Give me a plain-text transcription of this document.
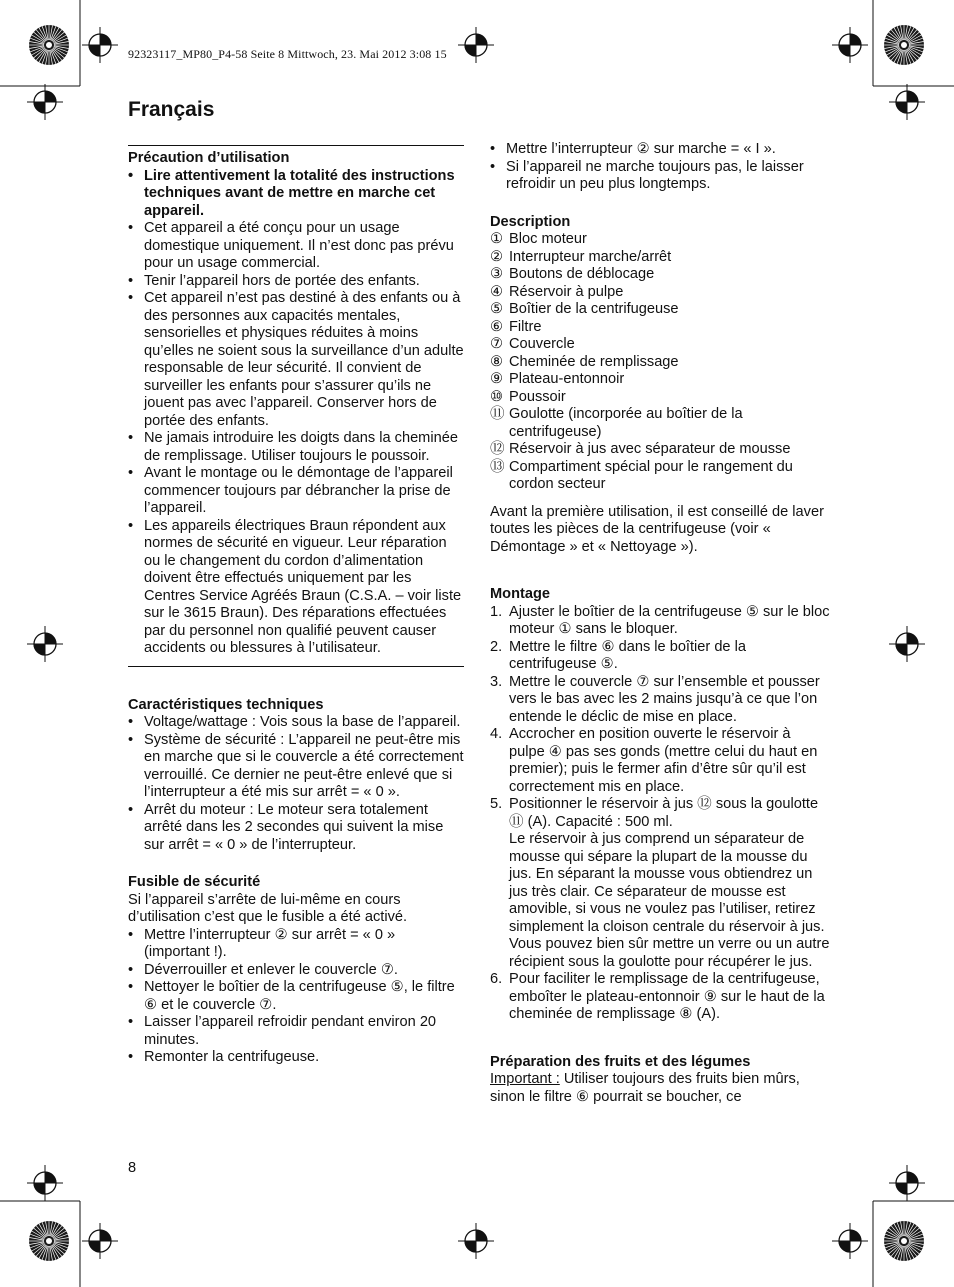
92323117_MP80_P4-58 Seite 8 Mittwoch, 23. Mai 2012 3:08 15
Français
Précaution d’utilisation
• Lire attentivement la totalité des instructions techniques avant de mettre en marche cet appareil.
• Cet appareil a été conçu pour un usage domestique uniquement. Il n’est donc pas prévu pour un usage commercial.
• Tenir l’appareil hors de portée des enfants.
• Cet appareil n’est pas destiné à des enfants ou à des personnes aux capacités mentales, sensorielles et physiques réduites à moins qu’elles ne soient sous la surveillance d’un adulte responsable de leur sécurité. Il convient de surveiller les enfants pour s’assurer qu’ils ne jouent pas avec l’appareil. Conserver hors de portée des enfants.
• Ne jamais introduire les doigts dans la cheminée de remplissage. Utiliser toujours le poussoir.
• Avant le montage ou le démontage de l’appareil commencer toujours par débrancher la prise de l’appareil.
• Les appareils électriques Braun répondent aux normes de sécurité en vigueur. Leur réparation ou le changement du cordon d’alimentation doivent être effectués uniquement par les Centres Service Agréés Braun (C.S.A. – voir liste sur le 3615 Braun). Des réparations effectuées par du personnel non qualifié peuvent causer accidents ou blessures à l’utilisateur.
Caractéristiques techniques
• Voltage/wattage : Vois sous la base de l’appareil.
• Système de sécurité : L’appareil ne peut-être mis en marche que si le couvercle a été correctement verrouillé. Ce dernier ne peut-être enlevé que si l’interrupteur a été mis sur arrêt = « 0 ».
• Arrêt du moteur : Le moteur sera totalement arrêté dans les 2 secondes qui suivent la mise sur arrêt = « 0 » de l’interrupteur.
Fusible de sécurité
Si l’appareil s’arrête de lui-même en cours d’utilisation c’est que le fusible a été activé.
• Mettre l’interrupteur ② sur arrêt = « 0 » (important !).
• Déverrouiller et enlever le couvercle ⑦.
• Nettoyer le boîtier de la centrifugeuse ⑤, le filtre ⑥ et le couvercle ⑦.
• Laisser l’appareil refroidir pendant environ 20 minutes.
• Remonter la centrifugeuse.
• Mettre l’interrupteur ② sur marche = « I ».
• Si l’appareil ne marche toujours pas, le laisser refroidir un peu plus longtemps.
Description
① Bloc moteur
② Interrupteur marche/arrêt
③ Boutons de déblocage
④ Réservoir à pulpe
⑤ Boîtier de la centrifugeuse
⑥ Filtre
⑦ Couvercle
⑧ Cheminée de remplissage
⑨ Plateau-entonnoir
⑩ Poussoir
⑪ Goulotte (incorporée au boîtier de la centrifugeuse)
⑫ Réservoir à jus avec séparateur de mousse
⑬ Compartiment spécial pour le rangement du cordon secteur
Avant la première utilisation, il est conseillé de laver toutes les pièces de la centrifugeuse (voir « Démontage » et « Nettoyage »).
Montage
1. Ajuster le boîtier de la centrifugeuse ⑤ sur le bloc moteur ① sans le bloquer.
2. Mettre le filtre ⑥ dans le boîtier de la centrifugeuse ⑤.
3. Mettre le couvercle ⑦ sur l’ensemble et pousser vers le bas avec les 2 mains jusqu’à ce que l’on entende le déclic de mise en place.
4. Accrocher en position ouverte le réservoir à pulpe ④ pas ses gonds (mettre celui du haut en premier); puis le fermer afin d’être sûr qu’il est correctement mis en place.
5. Positionner le réservoir à jus ⑫ sous la goulotte ⑪ (A). Capacité : 500 ml.
Le réservoir à jus comprend un séparateur de mousse qui sépare la plupart de la mousse du jus. En séparant la mousse vous obtiendrez un jus très clair. Ce séparateur de mousse est amovible, si vous ne voulez pas l’utiliser, retirez simplement la cloison centrale du réservoir à jus. Vous pouvez bien sûr mettre un verre ou un autre récipient sous la goulotte pour récupérer le jus.
6. Pour faciliter le remplissage de la centrifugeuse, emboîter le plateau-entonnoir ⑨ sur le haut de la cheminée de remplissage ⑧ (A).
Préparation des fruits et des légumes
Important : Utiliser toujours des fruits bien mûrs, sinon le filtre ⑥ pourrait se boucher, ce
8
